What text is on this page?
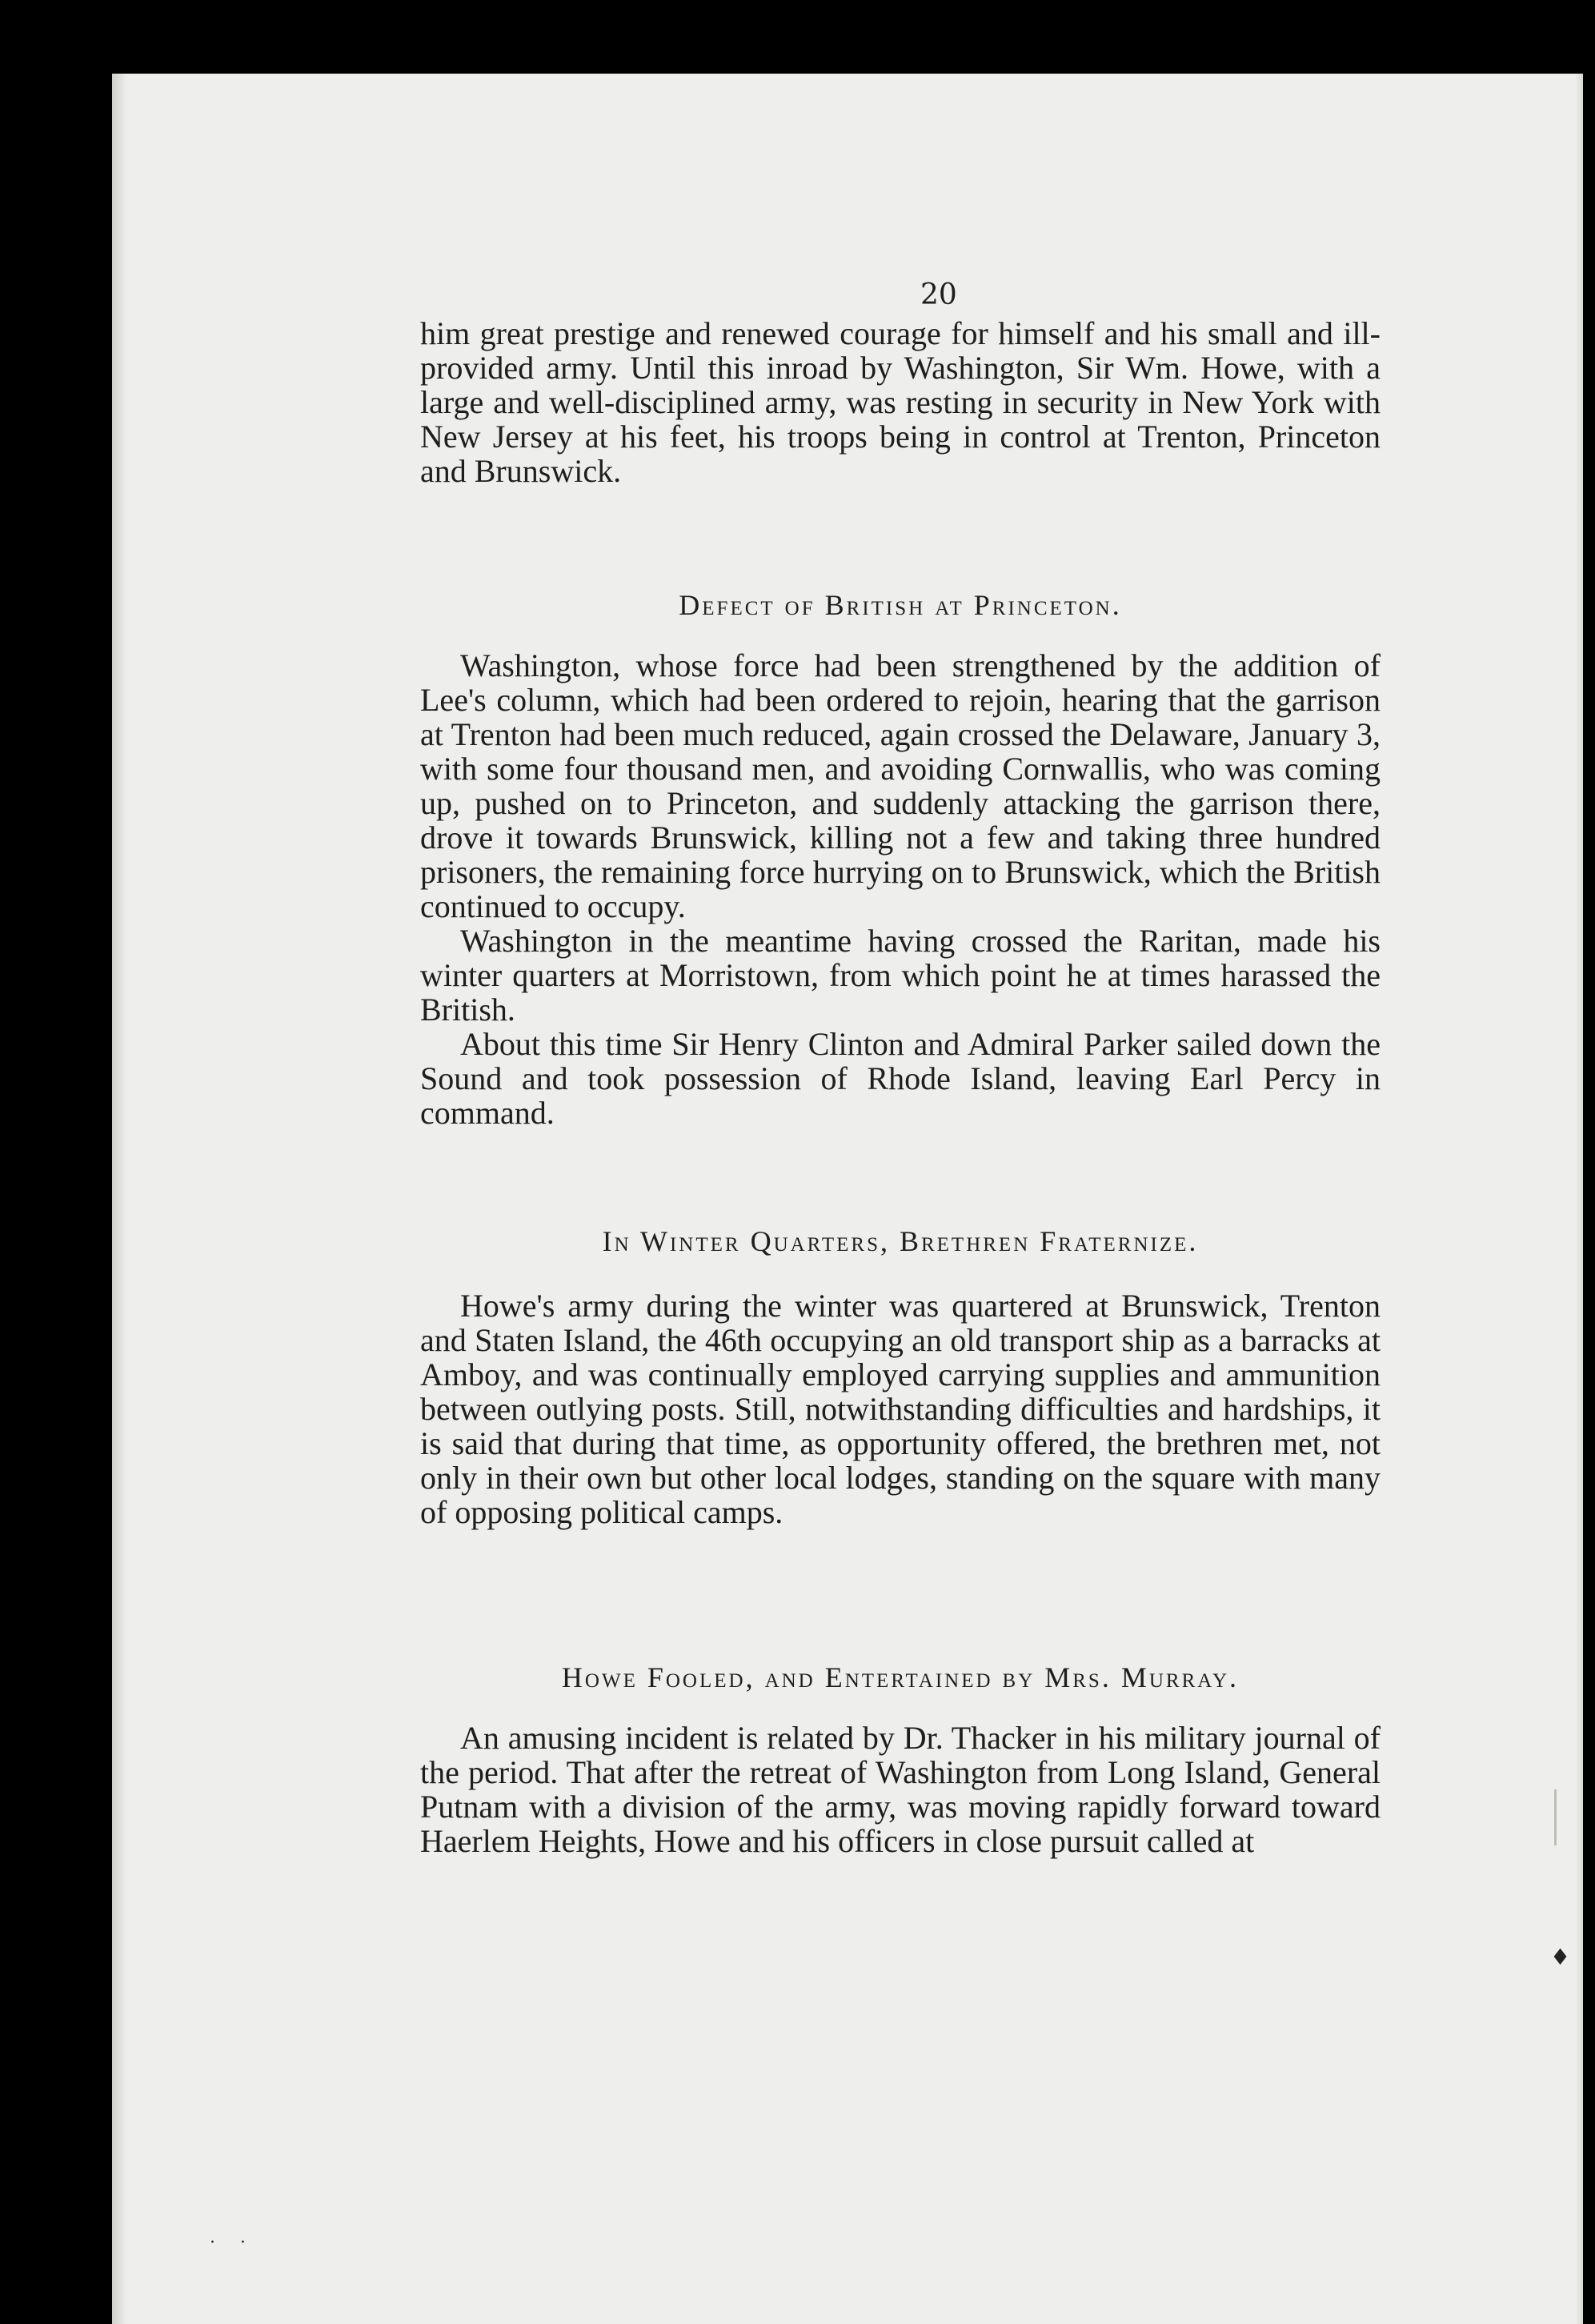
20

him great prestige and renewed courage for himself and his small and ill-provided army. Until this inroad by Washington, Sir Wm. Howe, with a large and well-disciplined army, was resting in security in New York with New Jersey at his feet, his troops being in control at Trenton, Princeton and Brunswick.

Defect of British at Princeton.

Washington, whose force had been strengthened by the addition of Lee's column, which had been ordered to rejoin, hearing that the garrison at Trenton had been much reduced, again crossed the Delaware, January 3, with some four thousand men, and avoiding Cornwallis, who was coming up, pushed on to Princeton, and suddenly attacking the garrison there, drove it towards Brunswick, killing not a few and taking three hundred prisoners, the remaining force hurrying on to Brunswick, which the British continued to occupy.

Washington in the meantime having crossed the Raritan, made his winter quarters at Morristown, from which point he at times harassed the British.

About this time Sir Henry Clinton and Admiral Parker sailed down the Sound and took possession of Rhode Island, leaving Earl Percy in command.

In Winter Quarters, Brethren Fraternize.

Howe's army during the winter was quartered at Brunswick, Trenton and Staten Island, the 46th occupying an old transport ship as a barracks at Amboy, and was continually employed carrying supplies and ammunition between outlying posts. Still, notwithstanding difficulties and hardships, it is said that during that time, as opportunity offered, the brethren met, not only in their own but other local lodges, standing on the square with many of opposing political camps.

Howe Fooled, and Entertained by Mrs. Murray.

An amusing incident is related by Dr. Thacker in his military journal of the period. That after the retreat of Washington from Long Island, General Putnam with a division of the army, was moving rapidly forward toward Haerlem Heights, Howe and his officers in close pursuit called at

♦
· ·
